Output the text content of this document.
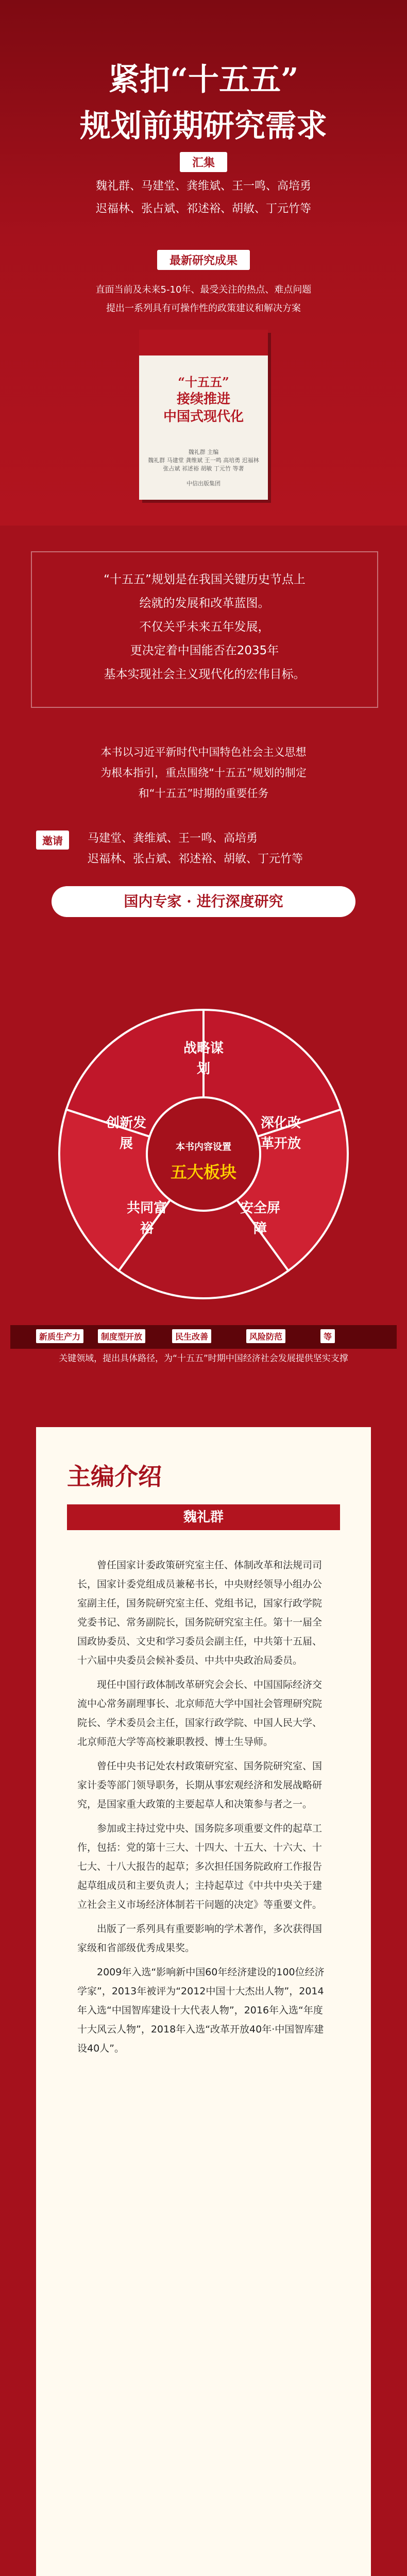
紧扣“十五五”
规划前期研究需求
汇集
魏礼群、马建堂、龚维斌、王一鸣、高培勇
迟福林、张占斌、祁述裕、胡敏、丁元竹等
最新研究成果
直面当前及未来5-10年、最受关注的热点、难点问题
提出一系列具有可操作性的政策建议和解决方案
“十五五”
接续推进
中国式现代化
魏礼群 主编
魏礼群 马建堂 龚维斌 王一鸣 高培勇 迟福林 张占斌 祁述裕 胡敏 丁元竹 等著
中信出版集团
“十五五”规划是在我国关键历史节点上
绘就的发展和改革蓝图。
不仅关乎未来五年发展，
更决定着中国能否在2035年
基本实现社会主义现代化的宏伟目标。
本书以习近平新时代中国特色社会主义思想
为根本指引，重点围绕“十五五”规划的制定
和“十五五”时期的重要任务
邀请	马建堂、龚维斌、王一鸣、高培勇
迟福林、张占斌、祁述裕、胡敏、丁元竹等
国内专家 · 进行深度研究
战略谋划
创新发展
深化改革开放
共同富裕
安全屏障
本书内容设置
五大板块
新质生产力	制度型开放	民生改善	风险防范	等
关键领域，提出具体路径，为“十五五”时期中国经济社会发展提供坚实支撑
主编介绍
魏礼群

曾任国家计委政策研究室主任、体制改革和法规司司长，国家计委党组成员兼秘书长，中央财经领导小组办公室副主任，国务院研究室主任、党组书记，国家行政学院党委书记、常务副院长，国务院研究室主任。第十一届全国政协委员、文史和学习委员会副主任，中共第十五届、十六届中央委员会候补委员、中共中央政治局委员。

现任中国行政体制改革研究会会长、中国国际经济交流中心常务副理事长、北京师范大学中国社会管理研究院院长、学术委员会主任，国家行政学院、中国人民大学、北京师范大学等高校兼职教授、博士生导师。

曾任中央书记处农村政策研究室、国务院研究室、国家计委等部门领导职务，长期从事宏观经济和发展战略研究，是国家重大政策的主要起草人和决策参与者之一。

参加或主持过党中央、国务院多项重要文件的起草工作，包括：党的第十三大、十四大、十五大、十六大、十七大、十八大报告的起草；多次担任国务院政府工作报告起草组成员和主要负责人；主持起草过《中共中央关于建立社会主义市场经济体制若干问题的决定》等重要文件。

出版了一系列具有重要影响的学术著作，多次获得国家级和省部级优秀成果奖。

2009年入选“影响新中国60年经济建设的100位经济学家”，2013年被评为“2012中国十大杰出人物”，2014年入选“中国智库建设十大代表人物”，2016年入选“年度十大风云人物”，2018年入选“改革开放40年·中国智库建设40人”。
